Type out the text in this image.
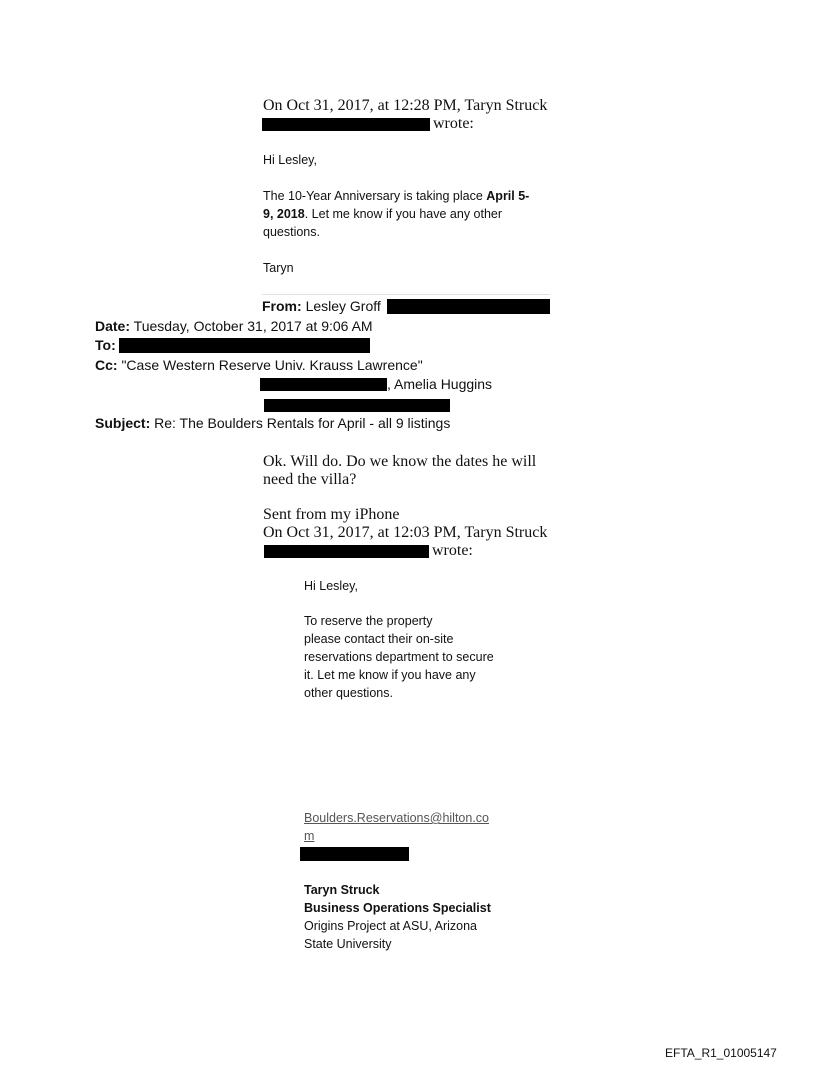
On Oct 31, 2017, at 12:28 PM, Taryn Struck
wrote:
Hi Lesley,
The 10-Year Anniversary is taking place April 5-
9, 2018. Let me know if you have any other
questions.
Taryn
From: Lesley Groff
Date: Tuesday, October 31, 2017 at 9:06 AM
To:
Cc: "Case Western Reserve Univ. Krauss Lawrence"
, Amelia Huggins
Subject: Re: The Boulders Rentals for April - all 9 listings
Ok. Will do. Do we know the dates he will
need the villa?
Sent from my iPhone
On Oct 31, 2017, at 12:03 PM, Taryn Struck
wrote:
Hi Lesley,
To reserve the property
please contact their on-site
reservations department to secure
it. Let me know if you have any
other questions.
Boulders.Reservations@hilton.co
m
Taryn Struck
Business Operations Specialist
Origins Project at ASU, Arizona
State University
EFTA_R1_01005147
